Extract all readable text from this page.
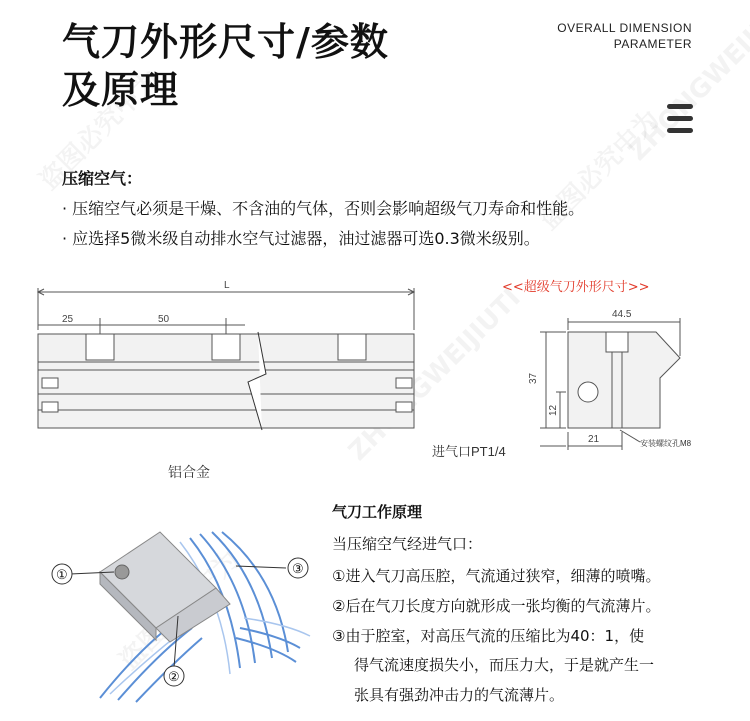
气刀外形尺寸/参数
及原理
OVERALL DIMENSION
PARAMETER
压缩空气：
· 压缩空气必须是干燥、不含油的气体，否则会影响超级气刀寿命和性能。
· 应选择5微米级自动排水空气过滤器，油过滤器可选0.3微米级别。
<<超级气刀外形尺寸>>
L
25	50	44.5
37
12
21
进气口PT1/4
安装螺纹孔M8
铝合金
①
②
③
气刀工作原理
当压缩空气经进气口：
①进入气刀高压腔，气流通过狭窄，细薄的喷嘴。
②后在气刀长度方向就形成一张均衡的气流薄片。
③由于腔室，对高压气流的压缩比为40：1，使
得气流速度损失小，而压力大，于是就产生一
张具有强劲冲击力的气流薄片。
